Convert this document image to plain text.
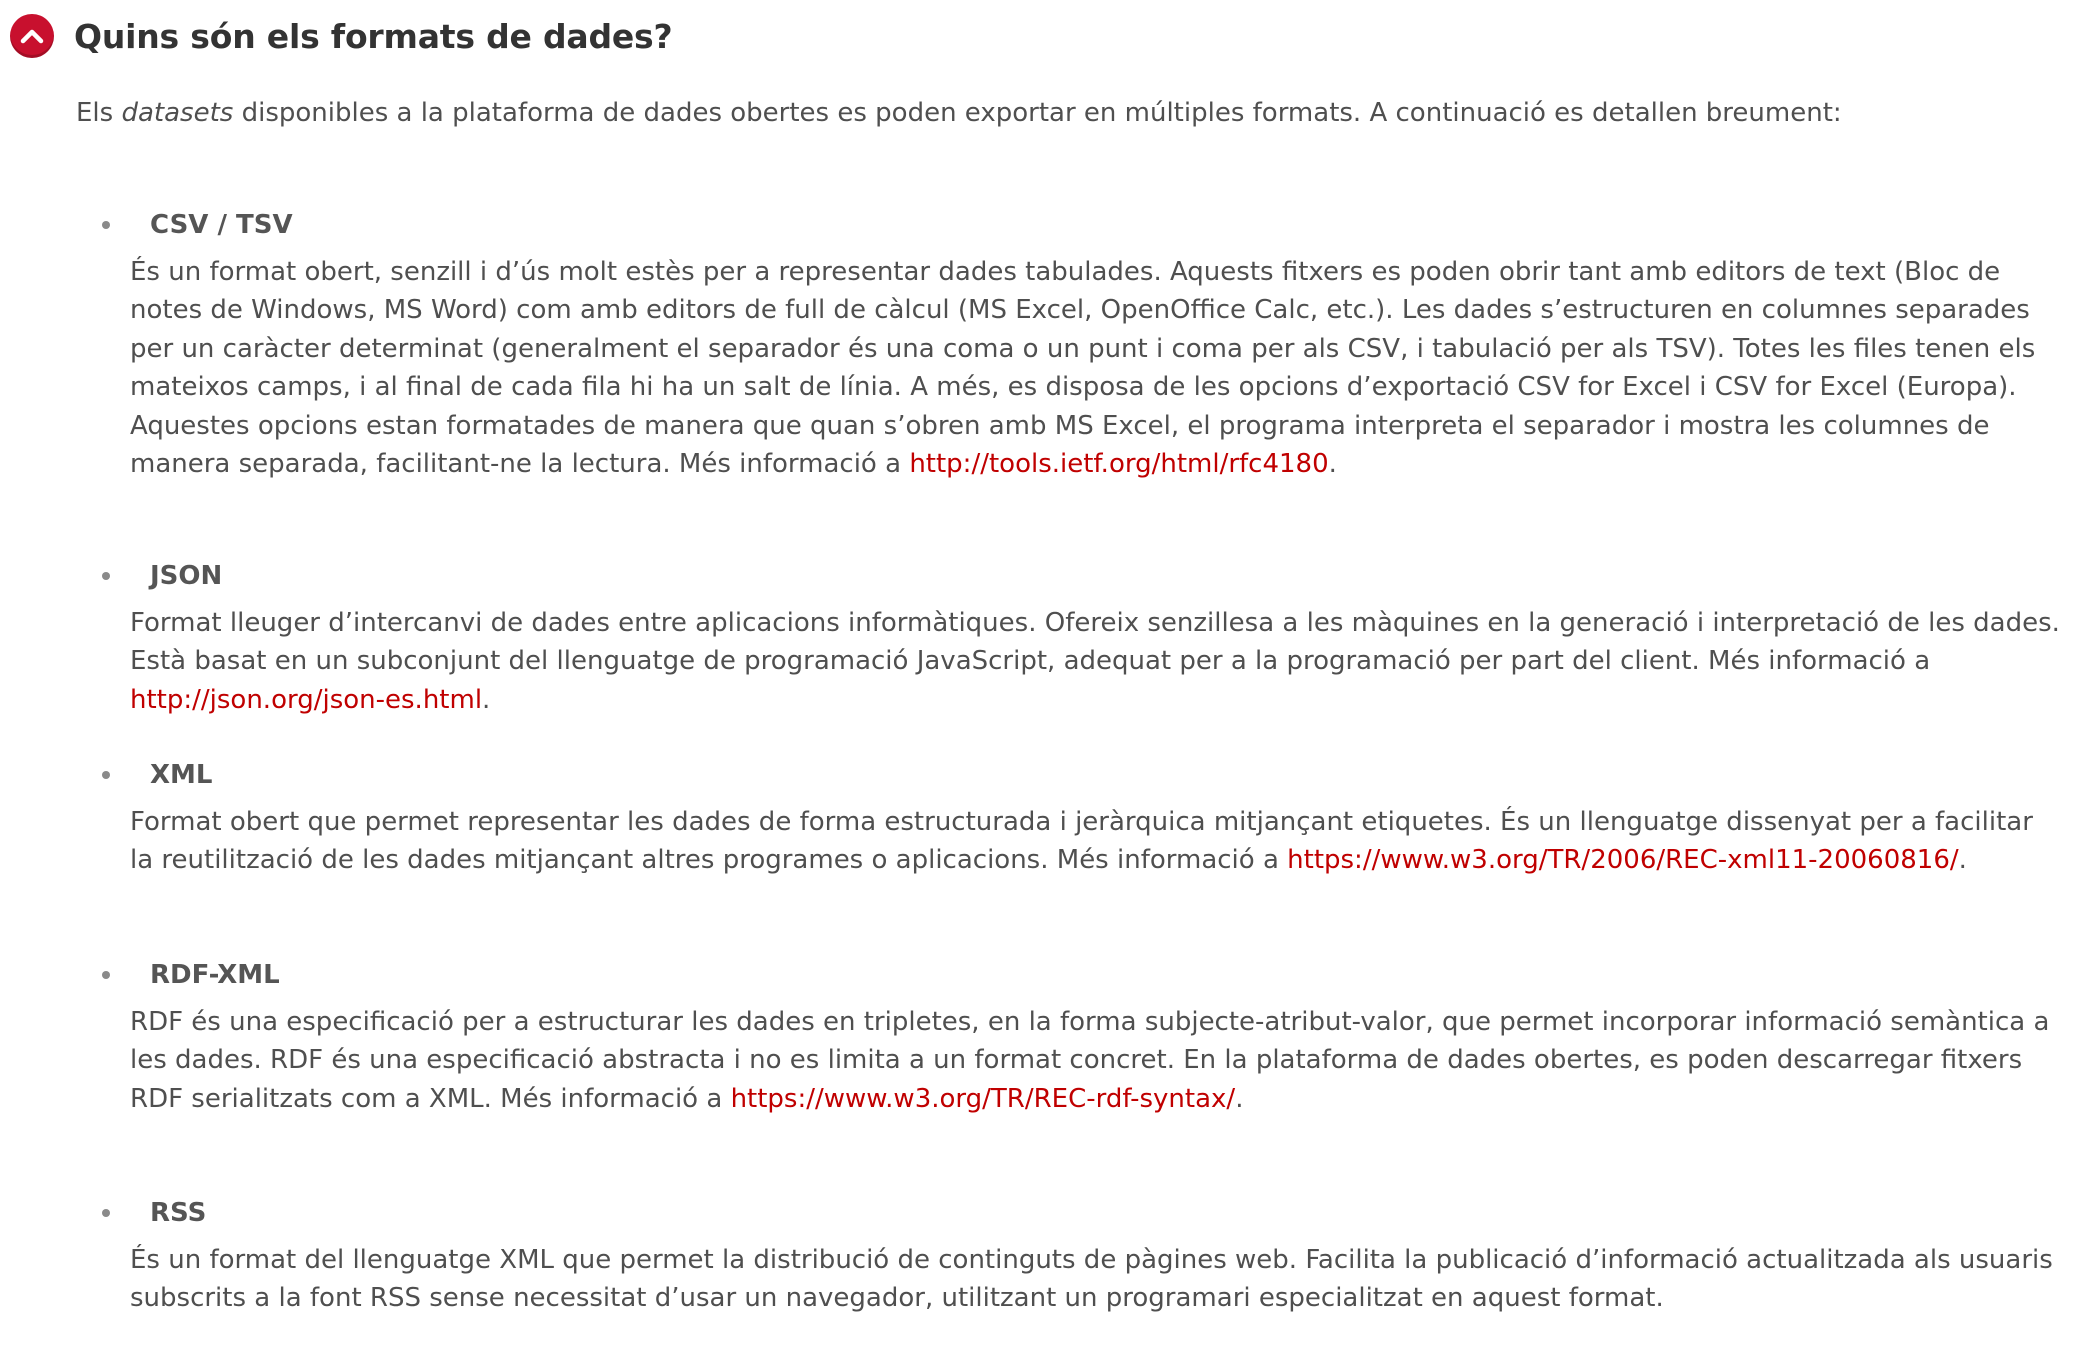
Quins són els formats de dades?

Els datasets disponibles a la plataforma de dades obertes es poden exportar en múltiples formats. A continuació es detallen breument:

CSV / TSV

És un format obert, senzill i d’ús molt estès per a representar dades tabulades. Aquests fitxers es poden obrir tant amb editors de text (Bloc de notes de Windows, MS Word) com amb editors de full de càlcul (MS Excel, OpenOffice Calc, etc.). Les dades s’estructuren en columnes separades per un caràcter determinat (generalment el separador és una coma o un punt i coma per als CSV, i tabulació per als TSV). Totes les files tenen els mateixos camps, i al final de cada fila hi ha un salt de línia. A més, es disposa de les opcions d’exportació CSV for Excel i CSV for Excel (Europa). Aquestes opcions estan formatades de manera que quan s’obren amb MS Excel, el programa interpreta el separador i mostra les columnes de manera separada, facilitant-ne la lectura. Més informació a http://tools.ietf.org/html/rfc4180.

JSON

Format lleuger d’intercanvi de dades entre aplicacions informàtiques. Ofereix senzillesa a les màquines en la generació i interpretació de les dades. Està basat en un subconjunt del llenguatge de programació JavaScript, adequat per a la programació per part del client. Més informació a http://json.org/json-es.html.

XML

Format obert que permet representar les dades de forma estructurada i jeràrquica mitjançant etiquetes. És un llenguatge dissenyat per a facilitar la reutilització de les dades mitjançant altres programes o aplicacions. Més informació a https://www.w3.org/TR/2006/REC-xml11-20060816/.

RDF-XML

RDF és una especificació per a estructurar les dades en tripletes, en la forma subjecte-atribut-valor, que permet incorporar informació semàntica a les dades. RDF és una especificació abstracta i no es limita a un format concret. En la plataforma de dades obertes, es poden descarregar fitxers RDF serialitzats com a XML. Més informació a https://www.w3.org/TR/REC-rdf-syntax/.

RSS

És un format del llenguatge XML que permet la distribució de continguts de pàgines web. Facilita la publicació d’informació actualitzada als usuaris subscrits a la font RSS sense necessitat d’usar un navegador, utilitzant un programari especialitzat en aquest format.
